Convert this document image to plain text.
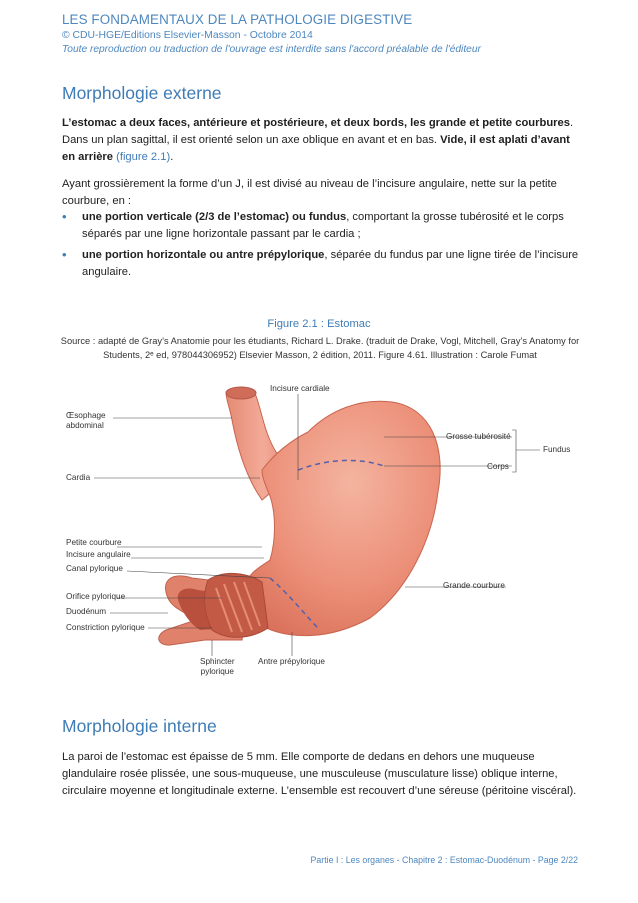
LES FONDAMENTAUX DE LA PATHOLOGIE DIGESTIVE
© CDU-HGE/Editions Elsevier-Masson - Octobre 2014
Toute reproduction ou traduction de l'ouvrage est interdite sans l'accord préalable de l'éditeur
Morphologie externe
L’estomac a deux faces, antérieure et postérieure, et deux bords, les grande et petite courbures. Dans un plan sagittal, il est orienté selon un axe oblique en avant et en bas. Vide, il est aplati d’avant en arrière (figure 2.1).
Ayant grossièrement la forme d’un J, il est divisé au niveau de l’incisure angulaire, nette sur la petite courbure, en :
• une portion verticale (2/3 de l’estomac) ou fundus, comportant la grosse tubérosité et le corps séparés par une ligne horizontale passant par le cardia ;
• une portion horizontale ou antre prépylorique, séparée du fundus par une ligne tirée de l’incisure angulaire.
Figure 2.1 : Estomac
Source : adapté de Gray’s Anatomie pour les étudiants, Richard L. Drake. (traduit de Drake, Vogl, Mitchell, Gray’s Anatomy for Students, 2ᵉ ed, 9780443069​52) Elsevier Masson, 2 édition, 2011. Figure 4.61. Illustration : Carole Fumat
Incisure cardiale
Œsophage
abdominal
Grosse tubérosité
Fundus
Corps
Cardia
Petite courbure
Incisure angulaire
Canal pylorique
Grande courbure
Orifice pylorique
Duodénum
Constriction pylorique
Sphincter
pylorique
Antre prépylorique
Morphologie interne
La paroi de l’estomac est épaisse de 5 mm. Elle comporte de dedans en dehors une muqueuse glandulaire rosée plissée, une sous-muqueuse, une musculeuse (musculature lisse) oblique interne, circulaire moyenne et longitudinale externe. L’ensemble est recouvert d’une séreuse (péritoine viscéral).
Partie I : Les organes - Chapitre 2 : Estomac-Duodénum - Page 2/22
